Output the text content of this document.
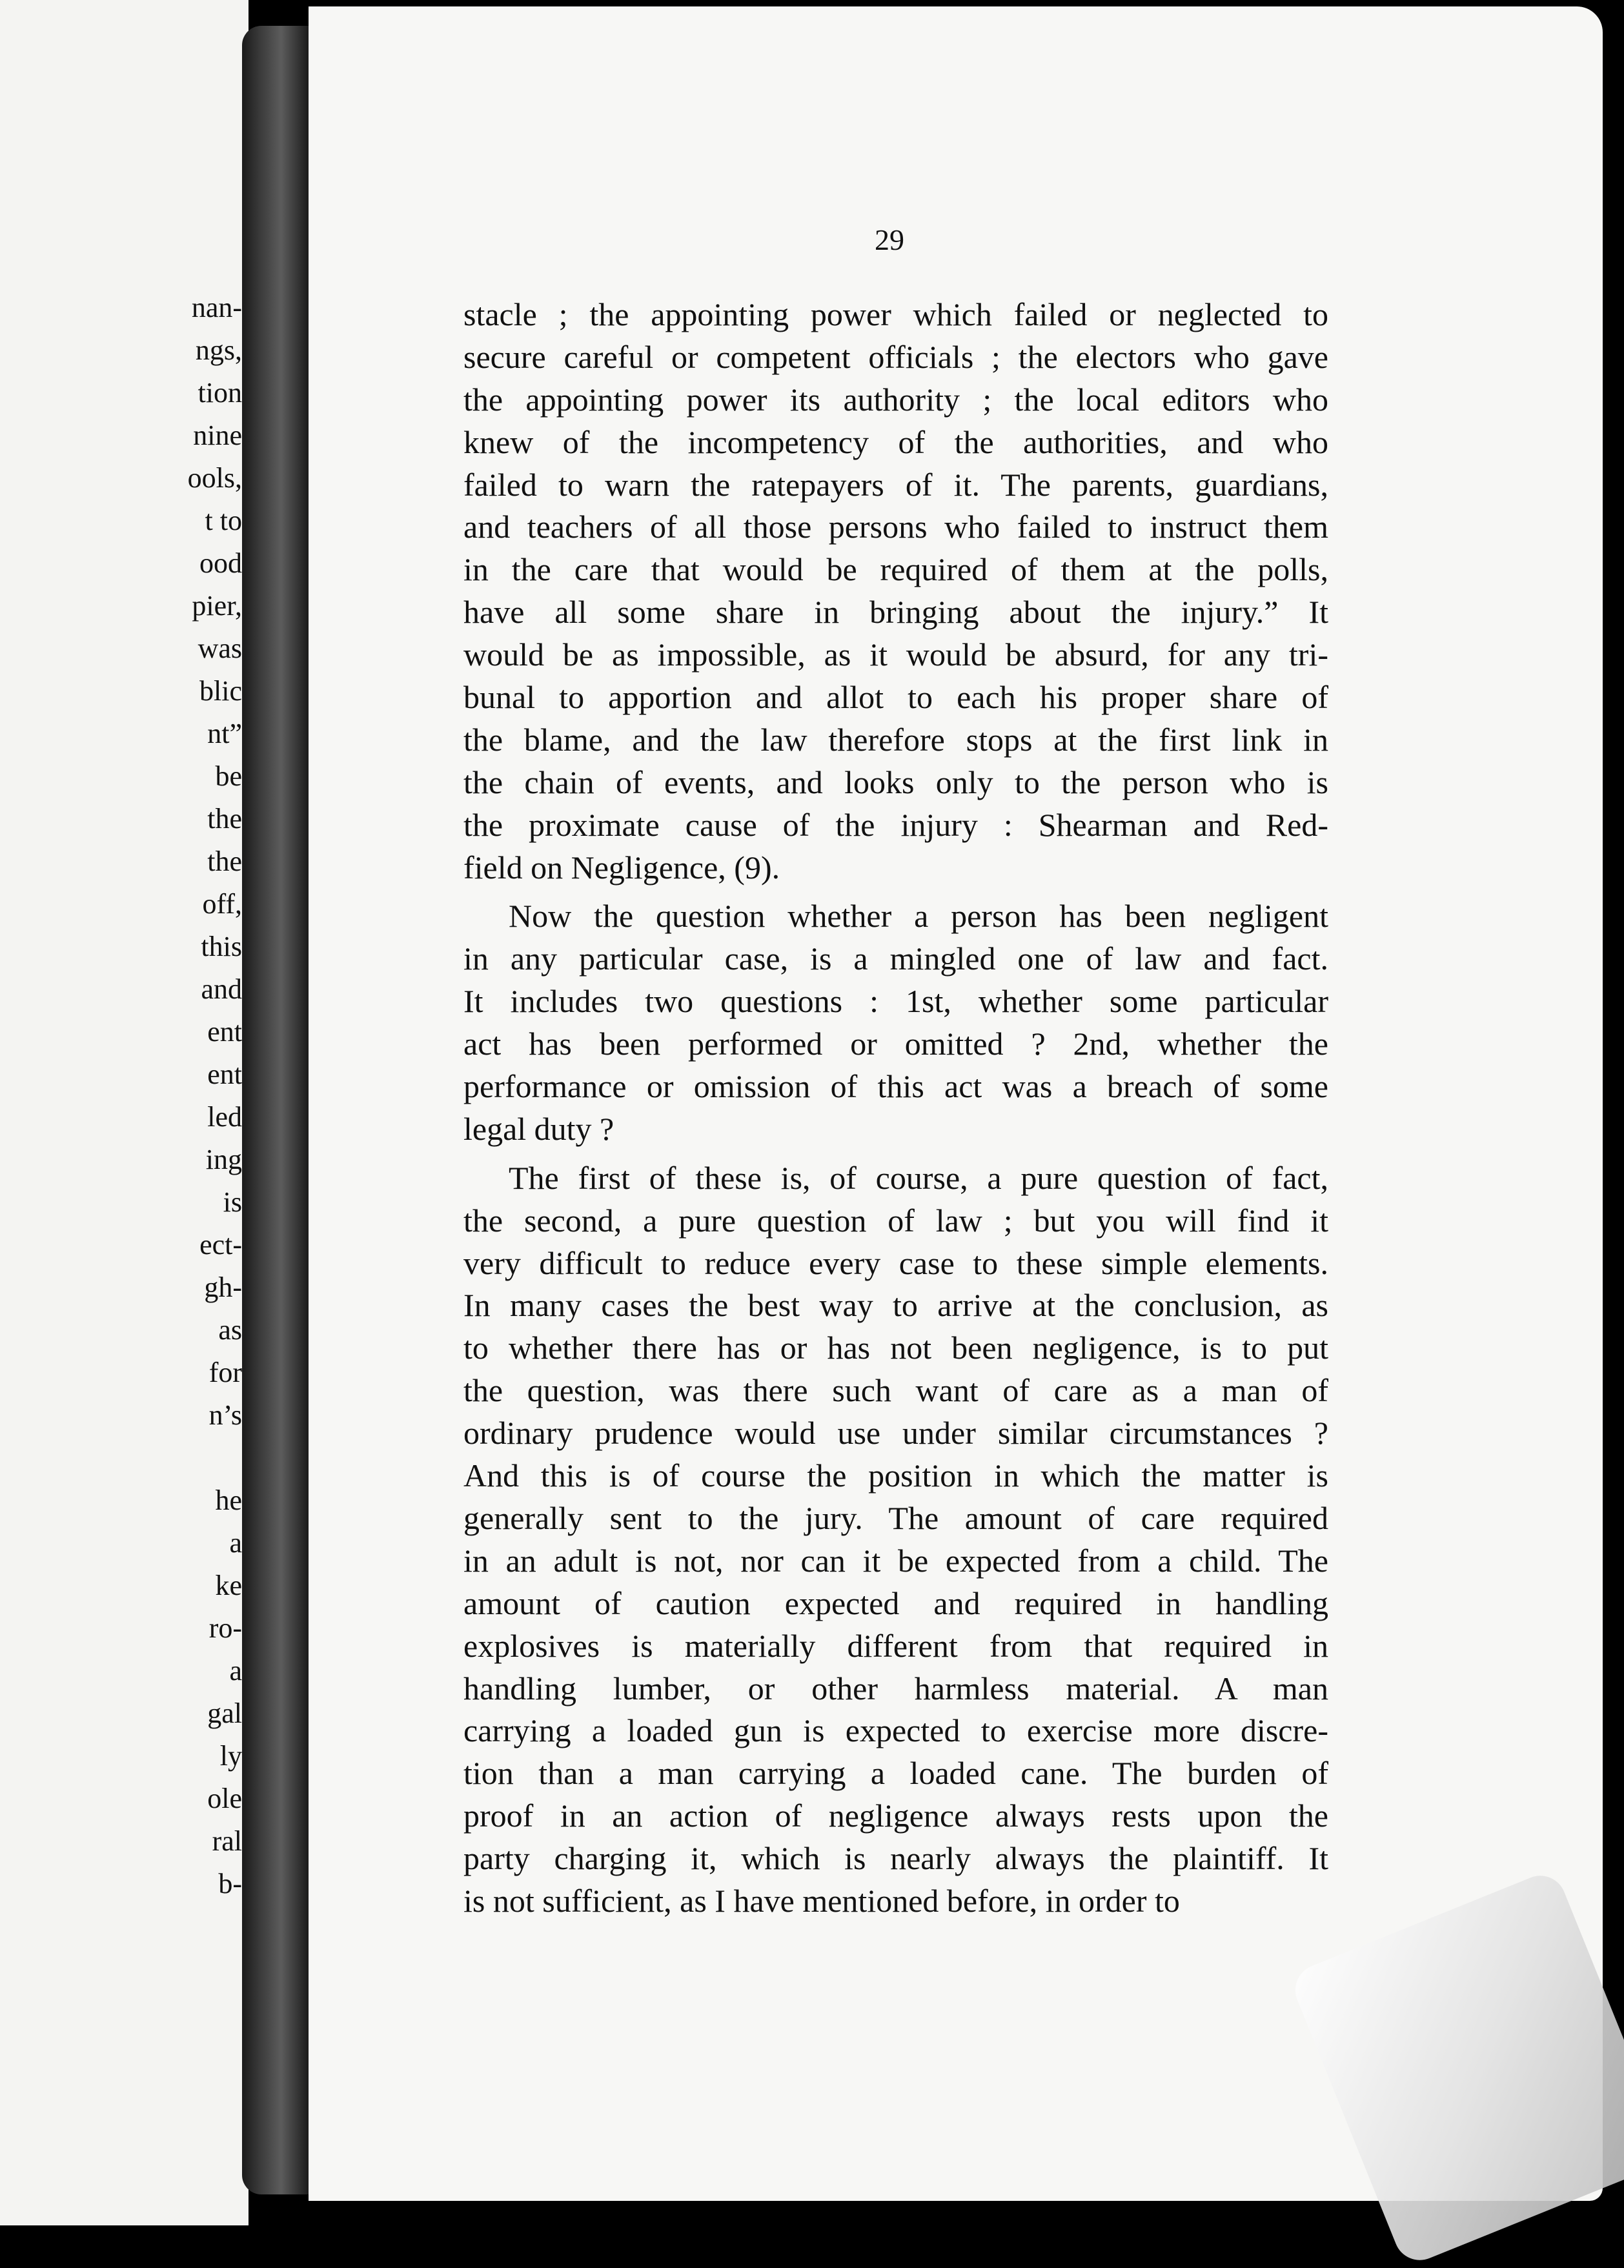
nan-
ngs,
tion
nine
ools,
t to
ood
pier,
was
blic
nt”
be
the
the
off,
this
and
ent
ent
led
ing
is
ect-
gh-
as
for
n’s
he
a
ke
ro-
a
gal
ly
ole
ral
b-
29
stacle ; the appointing power which failed or neglected to
secure careful or competent officials ; the electors who gave
the appointing power its authority ; the local editors who
knew of the incompetency of the authorities, and who
failed to warn the ratepayers of it. The parents, guardians,
and teachers of all those persons who failed to instruct them
in the care that would be required of them at the polls,
have all some share in bringing about the injury.” It
would be as impossible, as it would be absurd, for any tri-
bunal to apportion and allot to each his proper share of
the blame, and the law therefore stops at the first link in
the chain of events, and looks only to the person who is
the proximate cause of the injury : Shearman and Red-
field on Negligence, (9).
Now the question whether a person has been negligent
in any particular case, is a mingled one of law and fact.
It includes two questions : 1st, whether some particular
act has been performed or omitted ? 2nd, whether the
performance or omission of this act was a breach of some
legal duty ?
The first of these is, of course, a pure question of fact,
the second, a pure question of law ; but you will find it
very difficult to reduce every case to these simple elements.
In many cases the best way to arrive at the conclusion, as
to whether there has or has not been negligence, is to put
the question, was there such want of care as a man of
ordinary prudence would use under similar circumstances ?
And this is of course the position in which the matter is
generally sent to the jury. The amount of care required
in an adult is not, nor can it be expected from a child. The
amount of caution expected and required in handling
explosives is materially different from that required in
handling lumber, or other harmless material. A man
carrying a loaded gun is expected to exercise more discre-
tion than a man carrying a loaded cane. The burden of
proof in an action of negligence always rests upon the
party charging it, which is nearly always the plaintiff. It
is not sufficient, as I have mentioned before, in order to
